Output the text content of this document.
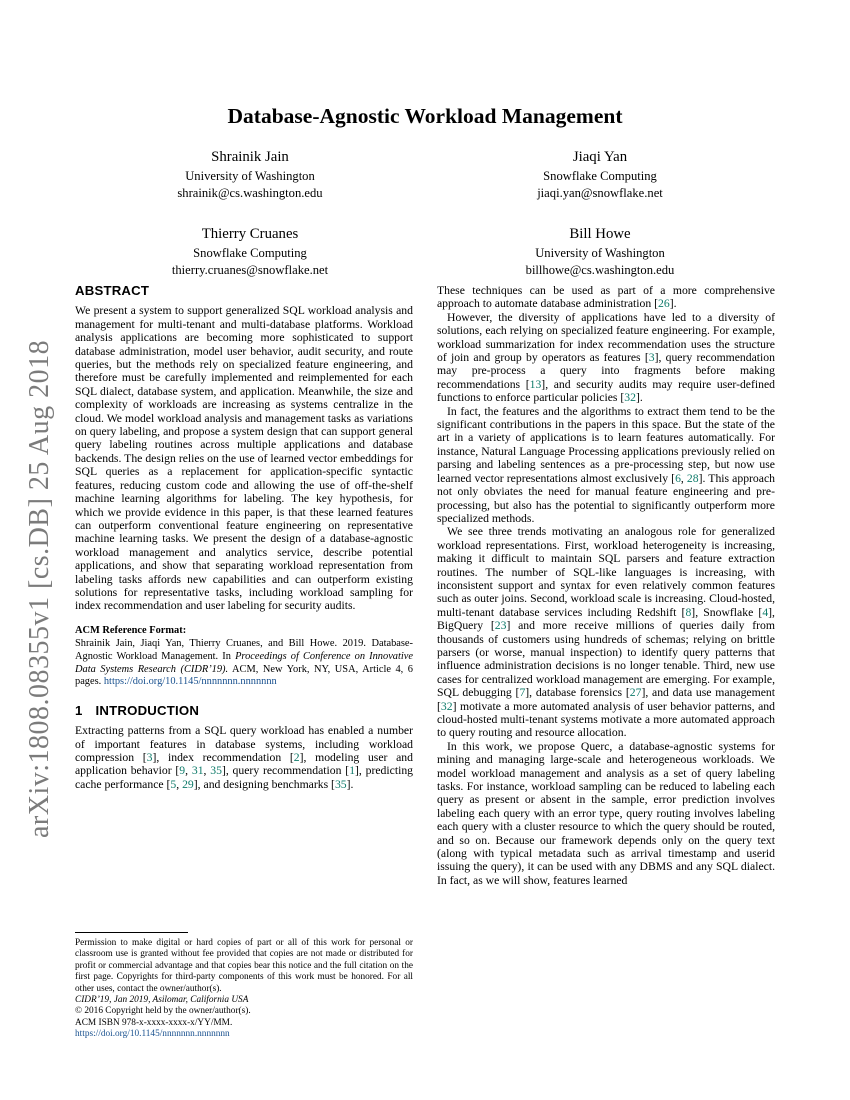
arXiv:1808.08355v1 [cs.DB] 25 Aug 2018
Database-Agnostic Workload Management
Shrainik Jain
University of Washington
shrainik@cs.washington.edu
Jiaqi Yan
Snowflake Computing
jiaqi.yan@snowflake.net
Thierry Cruanes
Snowflake Computing
thierry.cruanes@snowflake.net
Bill Howe
University of Washington
billhowe@cs.washington.edu
ABSTRACT

We present a system to support generalized SQL workload analysis and management for multi-tenant and multi-database platforms. Workload analysis applications are becoming more sophisticated to support database administration, model user behavior, audit security, and route queries, but the methods rely on specialized feature engineering, and therefore must be carefully implemented and reimplemented for each SQL dialect, database system, and application. Meanwhile, the size and complexity of workloads are increasing as systems centralize in the cloud. We model workload analysis and management tasks as variations on query labeling, and propose a system design that can support general query labeling routines across multiple applications and database backends. The design relies on the use of learned vector embeddings for SQL queries as a replacement for application-specific syntactic features, reducing custom code and allowing the use of off-the-shelf machine learning algorithms for labeling. The key hypothesis, for which we provide evidence in this paper, is that these learned features can outperform conventional feature engineering on representative machine learning tasks. We present the design of a database-agnostic workload management and analytics service, describe potential applications, and show that separating workload representation from labeling tasks affords new capabilities and can outperform existing solutions for representative tasks, including workload sampling for index recommendation and user labeling for security audits.

ACM Reference Format:

Shrainik Jain, Jiaqi Yan, Thierry Cruanes, and Bill Howe. 2019. Database-Agnostic Workload Management. In Proceedings of Conference on Innovative Data Systems Research (CIDR’19). ACM, New York, NY, USA, Article 4, 6 pages. https://doi.org/10.1145/nnnnnnn.nnnnnnn

1 INTRODUCTION

Extracting patterns from a SQL query workload has enabled a number of important features in database systems, including workload compression [3], index recommendation [2], modeling user and application behavior [9, 31, 35], query recommendation [1], predicting cache performance [5, 29], and designing benchmarks [35].

Permission to make digital or hard copies of part or all of this work for personal or classroom use is granted without fee provided that copies are not made or distributed for profit or commercial advantage and that copies bear this notice and the full citation on the first page. Copyrights for third-party components of this work must be honored. For all other uses, contact the owner/author(s).

CIDR’19, Jan 2019, Asilomar, California USA

© 2016 Copyright held by the owner/author(s).

ACM ISBN 978-x-xxxx-xxxx-x/YY/MM.

https://doi.org/10.1145/nnnnnnn.nnnnnnn

These techniques can be used as part of a more comprehensive approach to automate database administration [26].

However, the diversity of applications have led to a diversity of solutions, each relying on specialized feature engineering. For example, workload summarization for index recommendation uses the structure of join and group by operators as features [3], query recommendation may pre-process a query into fragments before making recommendations [13], and security audits may require user-defined functions to enforce particular policies [32].

In fact, the features and the algorithms to extract them tend to be the significant contributions in the papers in this space. But the state of the art in a variety of applications is to learn features automatically. For instance, Natural Language Processing applications previously relied on parsing and labeling sentences as a pre-processing step, but now use learned vector representations almost exclusively [6, 28]. This approach not only obviates the need for manual feature engineering and pre-processing, but also has the potential to significantly outperform more specialized methods.

We see three trends motivating an analogous role for generalized workload representations. First, workload heterogeneity is increasing, making it difficult to maintain SQL parsers and feature extraction routines. The number of SQL-like languages is increasing, with inconsistent support and syntax for even relatively common features such as outer joins. Second, workload scale is increasing. Cloud-hosted, multi-tenant database services including Redshift [8], Snowflake [4], BigQuery [23] and more receive millions of queries daily from thousands of customers using hundreds of schemas; relying on brittle parsers (or worse, manual inspection) to identify query patterns that influence administration decisions is no longer tenable. Third, new use cases for centralized workload management are emerging. For example, SQL debugging [7], database forensics [27], and data use management [32] motivate a more automated analysis of user behavior patterns, and cloud-hosted multi-tenant systems motivate a more automated approach to query routing and resource allocation.

In this work, we propose Querc, a database-agnostic systems for mining and managing large-scale and heterogeneous workloads. We model workload management and analysis as a set of query labeling tasks. For instance, workload sampling can be reduced to labeling each query as present or absent in the sample, error prediction involves labeling each query with an error type, query routing involves labeling each query with a cluster resource to which the query should be routed, and so on. Because our framework depends only on the query text (along with typical metadata such as arrival timestamp and userid issuing the query), it can be used with any DBMS and any SQL dialect. In fact, as we will show, features learned
